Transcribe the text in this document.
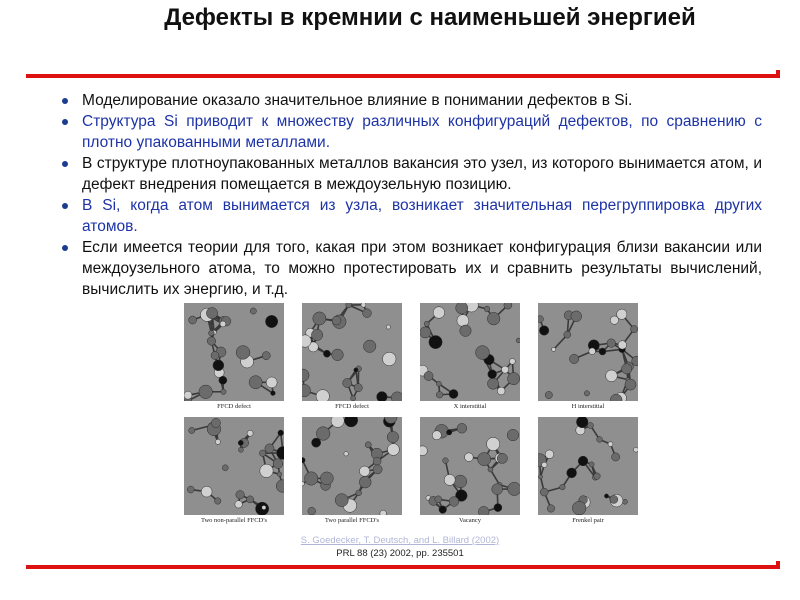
Дефекты в кремнии с наименьшей энергией
Моделирование оказало значительное влияние в понимании дефектов в Si.
Структура Si приводит к множеству различных конфигураций дефектов, по сравнению с плотно упакованными металлами.
В структуре плотноупакованных металлов вакансия это узел, из которого вынимается атом, и дефект внедрения помещается в междоузельную позицию.
В Si, когда атом вынимается из узла, возникает значительная перегруппировка других атомов.
Если имеется теории для того, какая при этом возникает конфигурация близи вакансии или междоузельного атома, то можно протестировать их и сравнить результаты вычислений, вычислить их энергию, и т.д.
FFCD defect	FFCD defect	X interstitial	H interstitial
Two non-parallel FFCD's	Two parallel FFCD's	Vacancy	Frenkel pair
S. Goedecker, T. Deutsch, and L. Billard (2002)
PRL 88 (23) 2002, pp. 235501
